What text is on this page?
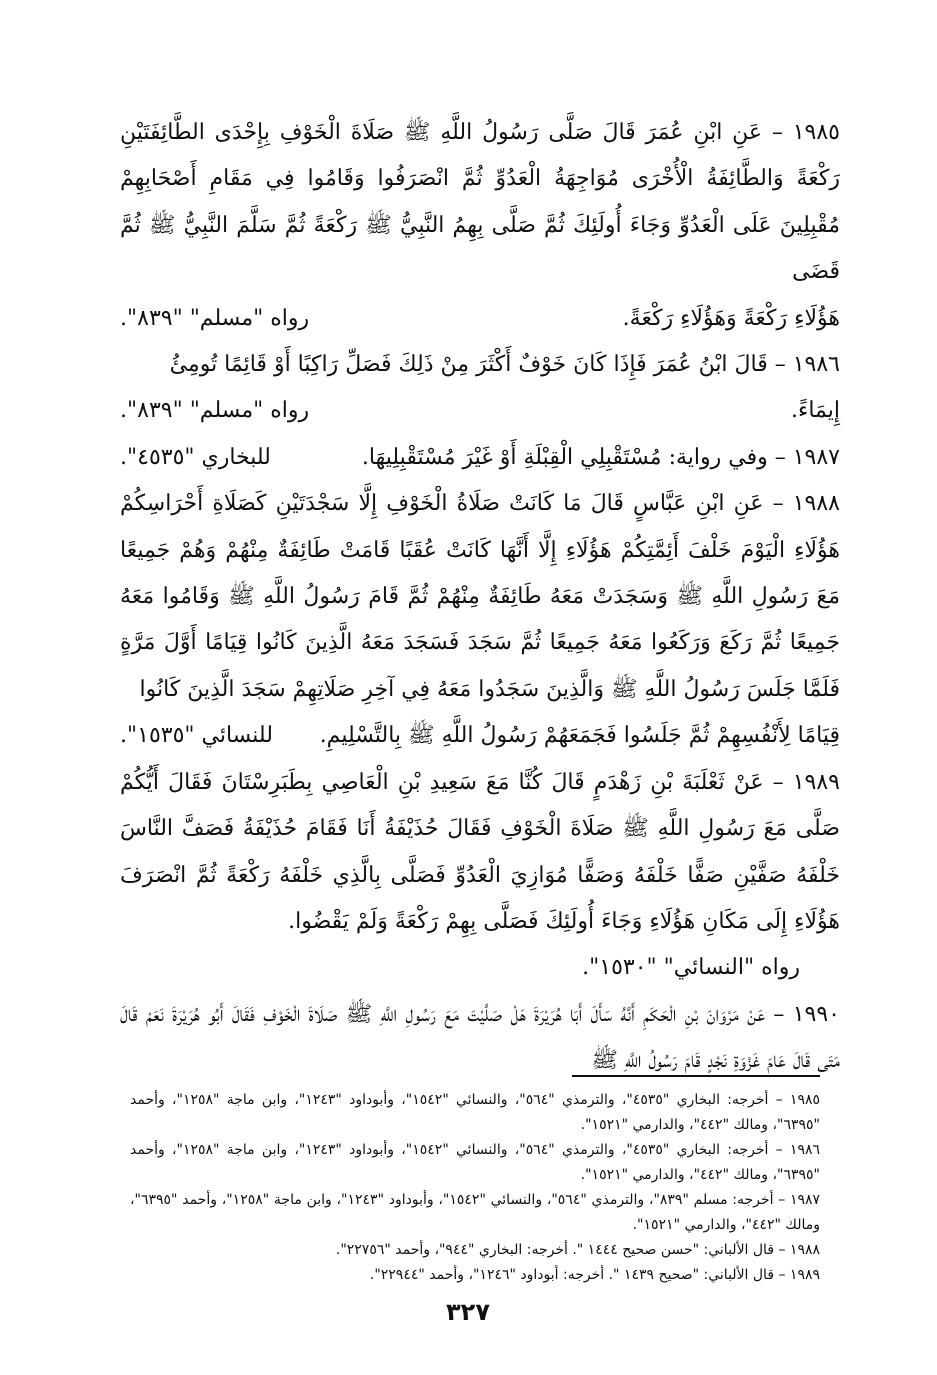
١٩٨٥ – عَنِ ابْنِ عُمَرَ قَالَ صَلَّى رَسُولُ اللَّهِ ﷺ صَلَاةَ الْخَوْفِ بِإِحْدَى الطَّائِفَتَيْنِ رَكْعَةً وَالطَّائِفَةُ الْأُخْرَى مُوَاجِهَةُ الْعَدُوِّ ثُمَّ انْصَرَفُوا وَقَامُوا فِي مَقَامِ أَصْحَابِهِمْ مُقْبِلِينَ عَلَى الْعَدُوِّ وَجَاءَ أُولَئِكَ ثُمَّ صَلَّى بِهِمُ النَّبِيُّ ﷺ رَكْعَةً ثُمَّ سَلَّمَ النَّبِيُّ ﷺ ثُمَّ قَضَى

هَؤُلَاءِ رَكْعَةً وَهَؤُلَاءِ رَكْعَةً.
رواه "مسلم" "٨٣٩".

١٩٨٦ – قَالَ ابْنُ عُمَرَ فَإِذَا كَانَ خَوْفٌ أَكْثَرَ مِنْ ذَلِكَ فَصَلِّ رَاكِبًا أَوْ قَائِمًا تُومِئُ

إِيمَاءً.
رواه "مسلم" "٨٣٩".
١٩٨٧ – وفي رواية: مُسْتَقْبِلِي الْقِبْلَةِ أَوْ غَيْرَ مُسْتَقْبِلِيهَا.
للبخاري "٤٥٣٥".

١٩٨٨ – عَنِ ابْنِ عَبَّاسٍ قَالَ مَا كَانَتْ صَلَاةُ الْخَوْفِ إِلَّا سَجْدَتَيْنِ كَصَلَاةِ أَحْرَاسِكُمْ هَؤُلَاءِ الْيَوْمَ خَلْفَ أَئِمَّتِكُمْ هَؤُلَاءِ إِلَّا أَنَّهَا كَانَتْ عُقَبًا قَامَتْ طَائِفَةٌ مِنْهُمْ وَهُمْ جَمِيعًا مَعَ رَسُولِ اللَّهِ ﷺ وَسَجَدَتْ مَعَهُ طَائِفَةٌ مِنْهُمْ ثُمَّ قَامَ رَسُولُ اللَّهِ ﷺ وَقَامُوا مَعَهُ جَمِيعًا ثُمَّ رَكَعَ وَرَكَعُوا مَعَهُ جَمِيعًا ثُمَّ سَجَدَ فَسَجَدَ مَعَهُ الَّذِينَ كَانُوا قِيَامًا أَوَّلَ مَرَّةٍ فَلَمَّا جَلَسَ رَسُولُ اللَّهِ ﷺ وَالَّذِينَ سَجَدُوا مَعَهُ فِي آخِرِ صَلَاتِهِمْ سَجَدَ الَّذِينَ كَانُوا

قِيَامًا لِأَنْفُسِهِمْ ثُمَّ جَلَسُوا فَجَمَعَهُمْ رَسُولُ اللَّهِ ﷺ بِالتَّسْلِيمِ.
للنسائي "١٥٣٥".

١٩٨٩ – عَنْ ثَعْلَبَةَ بْنِ زَهْدَمٍ قَالَ كُنَّا مَعَ سَعِيدِ بْنِ الْعَاصِي بِطَبَرِسْتَانَ فَقَالَ أَيُّكُمْ صَلَّى مَعَ رَسُولِ اللَّهِ ﷺ صَلَاةَ الْخَوْفِ فَقَالَ حُذَيْفَةُ أَنَا فَقَامَ حُذَيْفَةُ فَصَفَّ النَّاسَ خَلْفَهُ صَفَّيْنِ صَفًّا خَلْفَهُ وَصَفًّا مُوَازِيَ الْعَدُوِّ فَصَلَّى بِالَّذِي خَلْفَهُ رَكْعَةً ثُمَّ انْصَرَفَ هَؤُلَاءِ إِلَى مَكَانِ هَؤُلَاءِ وَجَاءَ أُولَئِكَ فَصَلَّى بِهِمْ رَكْعَةً وَلَمْ يَقْضُوا.

رواه "النسائي" "١٥٣٠".

١٩٩٠ – عَنْ مَرْوَانَ بْنِ الْحَكَمِ أَنَّهُ سَأَلَ أَبَا هُرَيْرَةَ هَلْ صَلَّيْتَ مَعَ رَسُولِ اللَّهِ ﷺ صَلَاةَ الْخَوْفِ فَقَالَ أَبُو هُرَيْرَةَ نَعَمْ قَالَ مَتَى قَالَ عَامَ غَزْوَةِ نَجْدٍ قَامَ رَسُولُ اللَّهِ ﷺ

١٩٨٥ – أخرجه: البخاري "٤٥٣٥"، والترمذي "٥٦٤"، والنسائي "١٥٤٢"، وأبوداود "١٢٤٣"، وابن ماجة "١٢٥٨"، وأحمد "٦٣٩٥"، ومالك "٤٤٢"، والدارمي "١٥٢١".

١٩٨٦ – أخرجه: البخاري "٤٥٣٥"، والترمذي "٥٦٤"، والنسائي "١٥٤٢"، وأبوداود "١٢٤٣"، وابن ماجة "١٢٥٨"، وأحمد "٦٣٩٥"، ومالك "٤٤٢"، والدارمي "١٥٢١".

١٩٨٧ – أخرجه: مسلم "٨٣٩"، والترمذي "٥٦٤"، والنسائي "١٥٤٢"، وأبوداود "١٢٤٣"، وابن ماجة "١٢٥٨"، وأحمد "٦٣٩٥"، ومالك "٤٤٢"، والدارمي "١٥٢١".

١٩٨٨ – قال الألباني: "حسن صحيح ١٤٤٤ ". أخرجه: البخاري "٩٤٤"، وأحمد "٢٢٧٥٦".

١٩٨٩ – قال الألباني: "صحيح ١٤٣٩ ". أخرجه: أبوداود "١٢٤٦"، وأحمد "٢٢٩٤٤".

٣٢٧
